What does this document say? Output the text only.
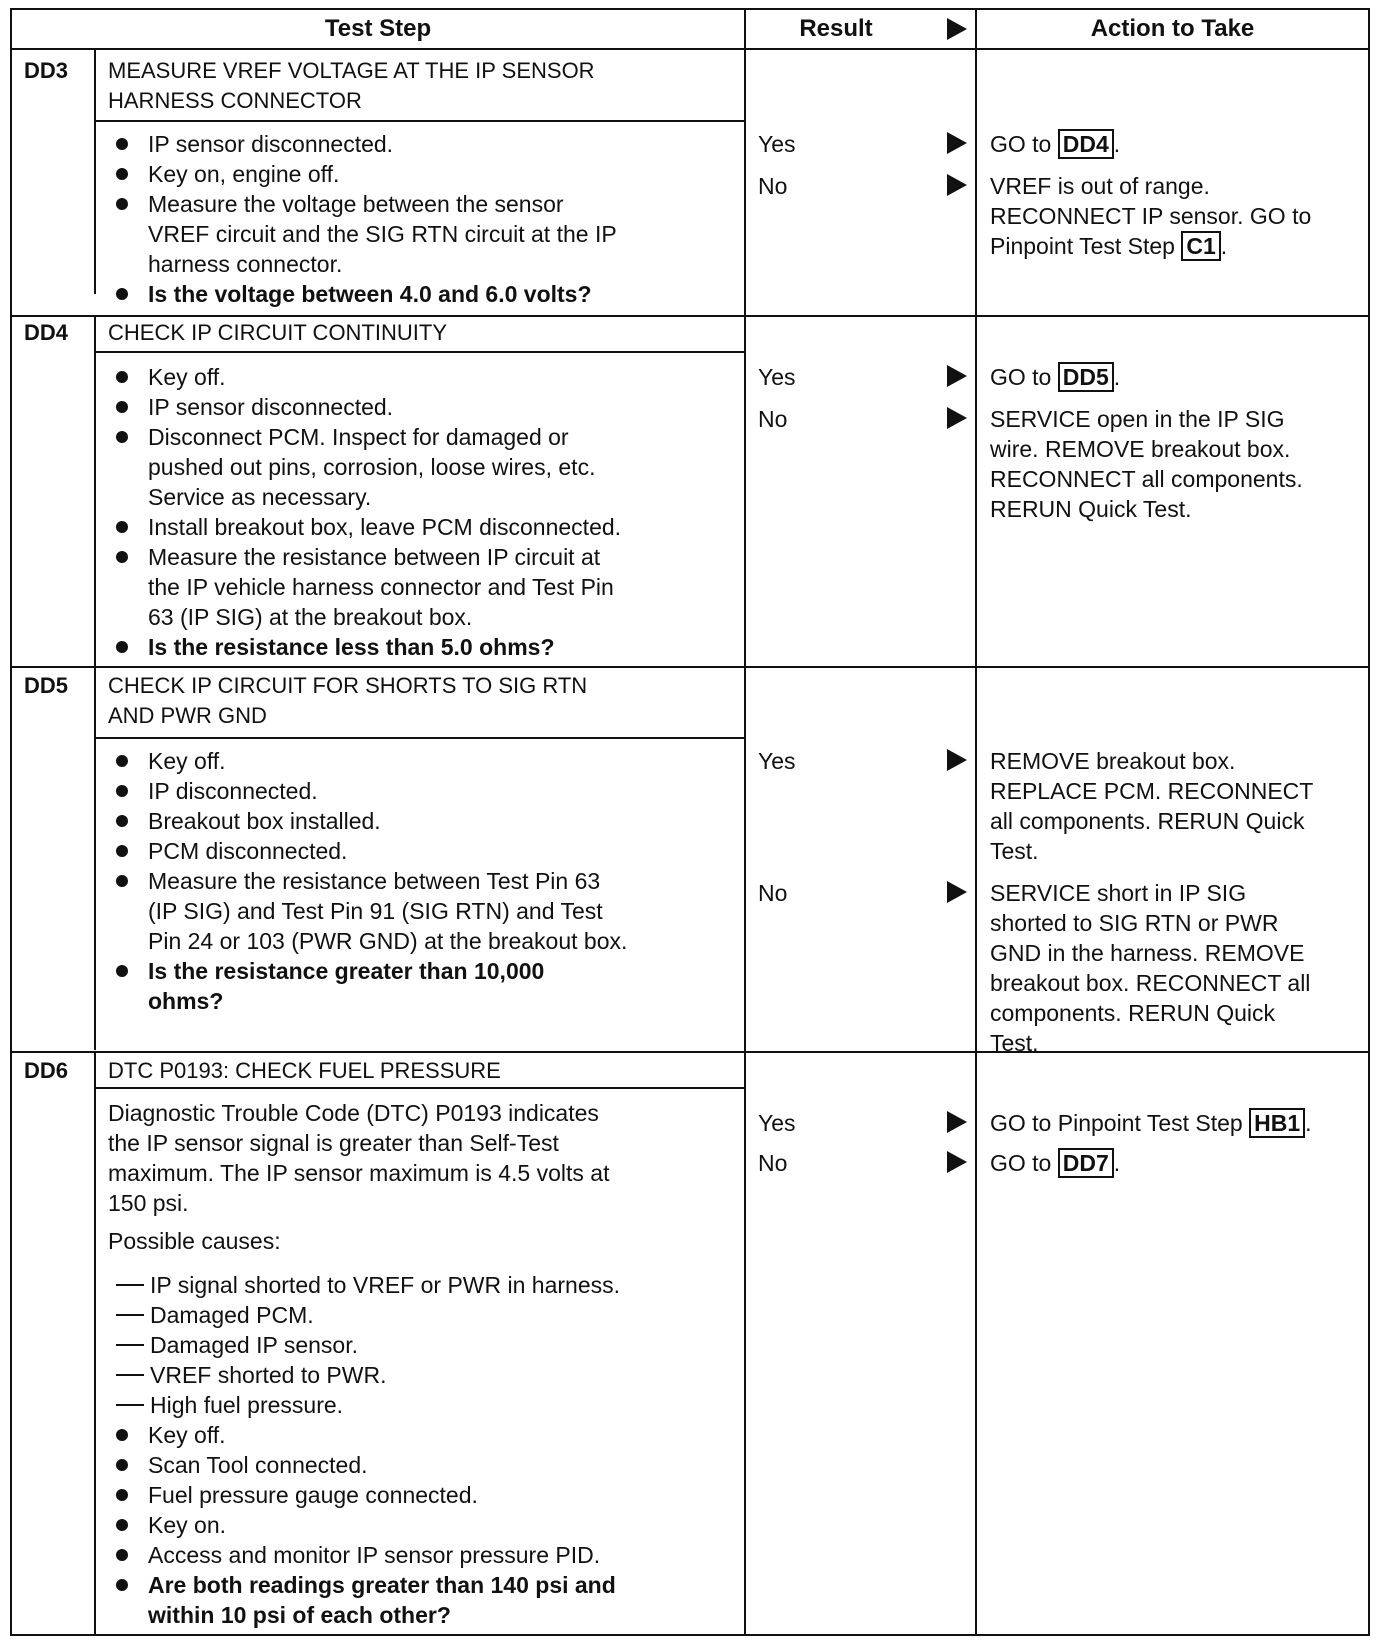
Test Step	Result	Action to Take
DD3 MEASURE VREF VOLTAGE AT THE IP SENSOR
HARNESS CONNECTOR
IP sensor disconnected.
Key on, engine off.
Measure the voltage between the sensor
VREF circuit and the SIG RTN circuit at the IP
harness connector.
Is the voltage between 4.0 and 6.0 volts?
Yes
No
GO to DD4 .
VREF is out of range.
RECONNECT IP sensor. GO to
Pinpoint Test Step C1 .
DD4 CHECK IP CIRCUIT CONTINUITY
Key off.
IP sensor disconnected.
Disconnect PCM. Inspect for damaged or
pushed out pins, corrosion, loose wires, etc.
Service as necessary.
Install breakout box, leave PCM disconnected.
Measure the resistance between IP circuit at
the IP vehicle harness connector and Test Pin
63 (IP SIG) at the breakout box.
Is the resistance less than 5.0 ohms?
Yes
No
GO to DD5 .
SERVICE open in the IP SIG
wire. REMOVE breakout box.
RECONNECT all components.
RERUN Quick Test.
DD5 CHECK IP CIRCUIT FOR SHORTS TO SIG RTN
AND PWR GND
Key off.
IP disconnected.
Breakout box installed.
PCM disconnected.
Measure the resistance between Test Pin 63
(IP SIG) and Test Pin 91 (SIG RTN) and Test
Pin 24 or 103 (PWR GND) at the breakout box.
Is the resistance greater than 10,000
ohms?
Yes
No
REMOVE breakout box.
REPLACE PCM. RECONNECT
all components. RERUN Quick
Test.
SERVICE short in IP SIG
shorted to SIG RTN or PWR
GND in the harness. REMOVE
breakout box. RECONNECT all
components. RERUN Quick
Test.
DD6 DTC P0193: CHECK FUEL PRESSURE
Diagnostic Trouble Code (DTC) P0193 indicates
the IP sensor signal is greater than Self-Test
maximum. The IP sensor maximum is 4.5 volts at
150 psi.
Possible causes:
IP signal shorted to VREF or PWR in harness.
Damaged PCM.
Damaged IP sensor.
VREF shorted to PWR.
High fuel pressure.
Key off.
Scan Tool connected.
Fuel pressure gauge connected.
Key on.
Access and monitor IP sensor pressure PID.
Are both readings greater than 140 psi and
within 10 psi of each other?
Yes
No
GO to Pinpoint Test Step HB1 .
GO to DD7 .
